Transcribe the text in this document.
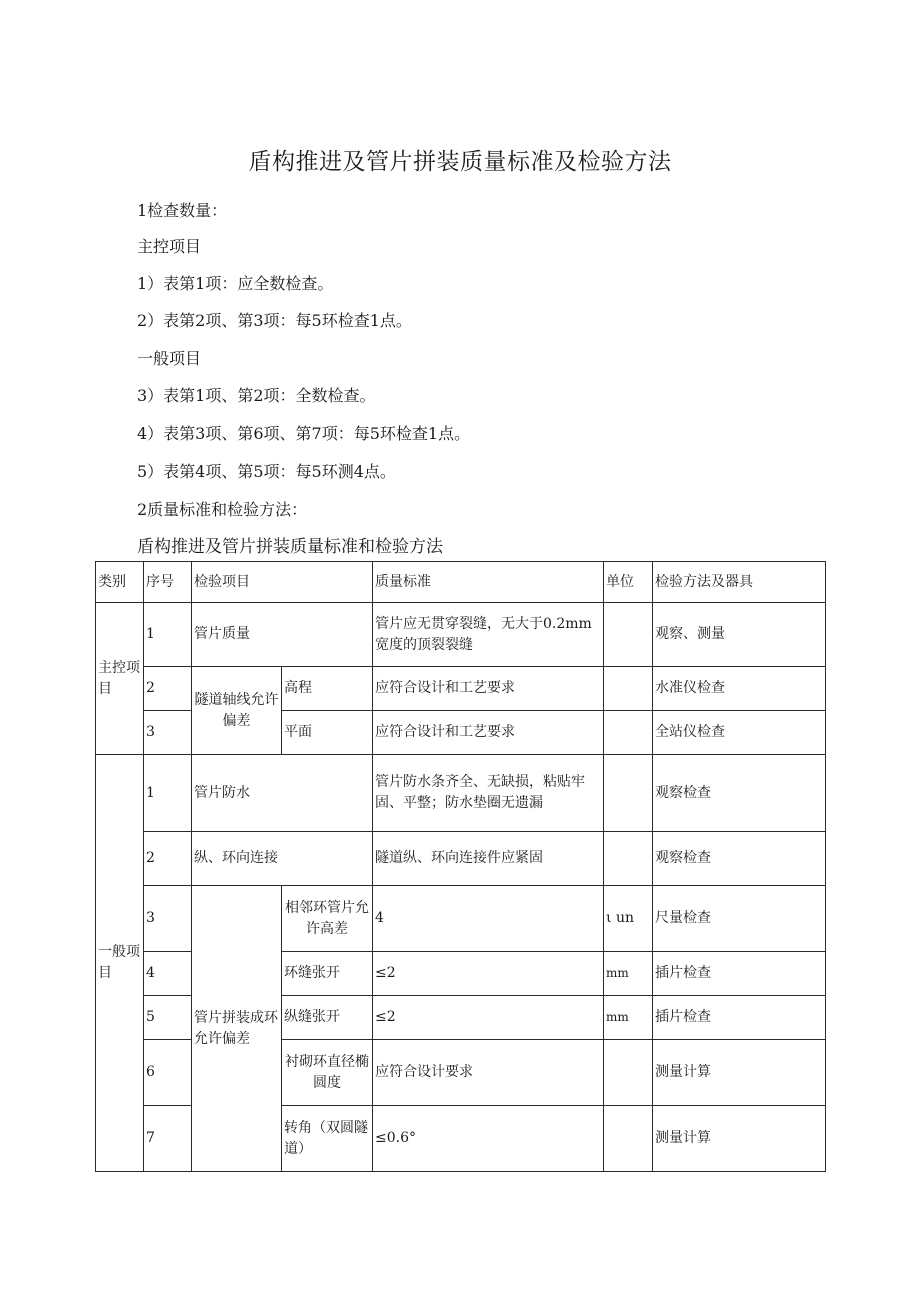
盾构推进及管片拼装质量标准及检验方法
1检查数量：
主控项目
1）表第1项：应全数检查。
2）表第2项、第3项：每5环检查1点。
一般项目
3）表第1项、第2项：全数检查。
4）表第3项、第6项、第7项：每5环检查1点。
5）表第4项、第5项：每5环测4点。
2质量标准和检验方法：
盾构推进及管片拼装质量标准和检验方法
类别	序号	检验项目		质量标准	单位	检验方法及器具
主控项目	1	管片质量		管片应无贯穿裂缝，无大于0.2mm宽度的顶裂裂缝		观察、测量
	2	隧道轴线允许偏差	高程	应符合设计和工艺要求		水准仪检查
	3		平面	应符合设计和工艺要求		全站仪检查
一般项目	1	管片防水		管片防水条齐全、无缺损，粘贴牢固、平整；防水垫圈无遗漏		观察检查
	2	纵、环向连接		隧道纵、环向连接件应紧固		观察检查
	3	管片拼装成环允许偏差	相邻环管片允许高差	4	ι un	尺量检查
	4		环缝张开	≤2	mm	插片检查
	5		纵缝张开	≤2	mm	插片检查
	6		衬砌环直径椭圆度	应符合设计要求		测量计算
	7		转角（双圆隧道）	≤0.6°		测量计算
